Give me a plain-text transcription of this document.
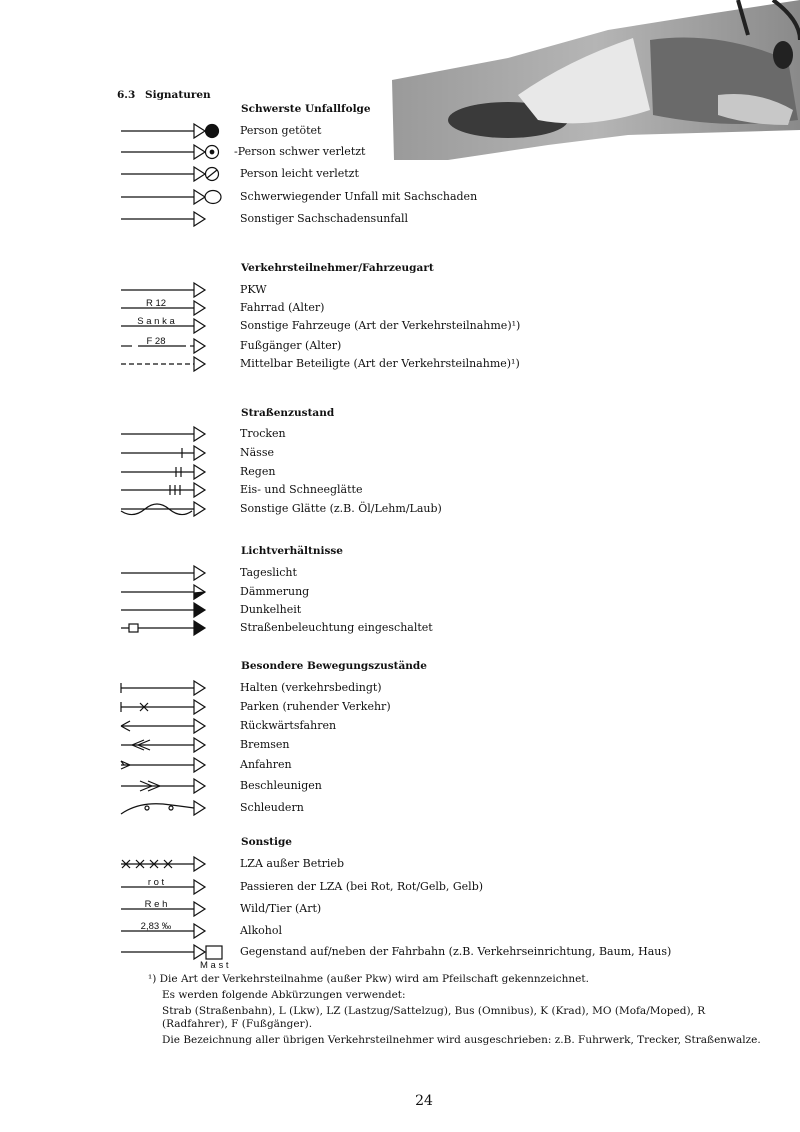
6.3 Signaturen
Schwerste Unfallfolge
Person getötet
-Person schwer verletzt
Person leicht verletzt
Schwerwiegender Unfall mit Sachschaden
Sonstiger Sachschadensunfall
Verkehrsteilnehmer/Fahrzeugart
PKW
R 12	Fahrrad (Alter)
S a n k a	Sonstige Fahrzeuge (Art der Verkehrsteilnahme)¹)
F 28	Fußgänger (Alter)
Mittelbar Beteiligte (Art der Verkehrsteilnahme)¹)
Straßenzustand
Trocken
Nässe
Regen
Eis- und Schneeglätte
Sonstige Glätte (z.B. Öl/Lehm/Laub)
Lichtverhältnisse
Tageslicht
Dämmerung
Dunkelheit
Straßenbeleuchtung eingeschaltet
Besondere Bewegungszustände
Halten (verkehrsbedingt)
Parken (ruhender Verkehr)
Rückwärtsfahren
Bremsen
Anfahren
Beschleunigen
Schleudern
Sonstige
LZA außer Betrieb
r o t	Passieren der LZA (bei Rot, Rot/Gelb, Gelb)
R e h	Wild/Tier (Art)
2,83 ‰	Alkohol
M a s t
Gegenstand auf/neben der Fahrbahn (z.B. Verkehrseinrichtung, Baum, Haus)

¹) Die Art der Verkehrsteilnahme (außer Pkw) wird am Pfeilschaft gekennzeichnet.

Es werden folgende Abkürzungen verwendet:

Strab (Straßenbahn), L (Lkw), LZ (Lastzug/Sattelzug), Bus (Omnibus), K (Krad), MO (Mofa/Moped), R (Radfahrer), F (Fußgänger).

Die Bezeichnung aller übrigen Verkehrsteilnehmer wird ausgeschrieben: z.B. Fuhrwerk, Trecker, Straßenwalze.

24
